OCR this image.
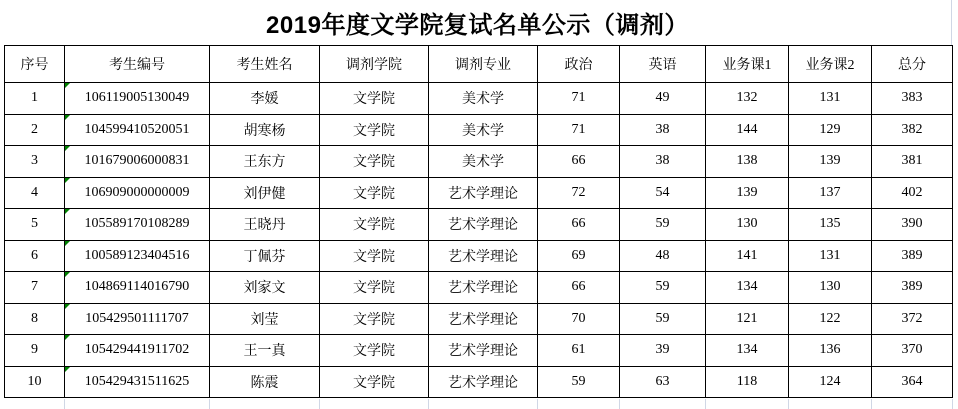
2019年度文学院复试名单公示（调剂）
序号	考生编号	考生姓名	调剂学院	调剂专业	政治	英语	业务课1	业务课2	总分
1	106119005130049	李媛	文学院	美术学	71	49	132	131	383
2	104599410520051	胡寒杨	文学院	美术学	71	38	144	129	382
3	101679006000831	王东方	文学院	美术学	66	38	138	139	381
4	106909000000009	刘伊健	文学院	艺术学理论	72	54	139	137	402
5	105589170108289	王晓丹	文学院	艺术学理论	66	59	130	135	390
6	100589123404516	丁佩芬	文学院	艺术学理论	69	48	141	131	389
7	104869114016790	刘家文	文学院	艺术学理论	66	59	134	130	389
8	105429501111707	刘莹	文学院	艺术学理论	70	59	121	122	372
9	105429441911702	王一真	文学院	艺术学理论	61	39	134	136	370
10	105429431511625	陈震	文学院	艺术学理论	59	63	118	124	364
